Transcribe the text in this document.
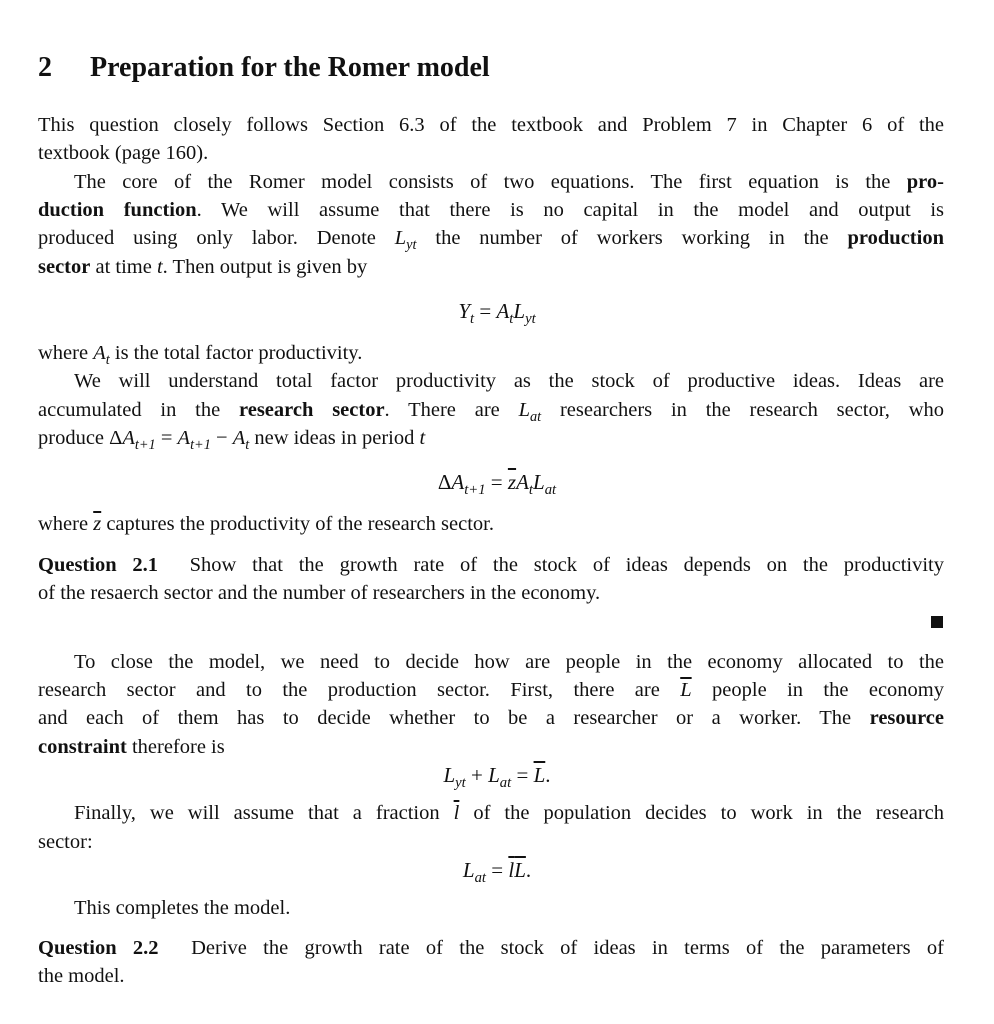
2 Preparation for the Romer model
This question closely follows Section 6.3 of the textbook and Problem 7 in Chapter 6 of the
textbook (page 160).
The core of the Romer model consists of two equations. The first equation is the pro-
duction function. We will assume that there is no capital in the model and output is
produced using only labor. Denote $L_{yt}$ the number of workers working in the production
sector at time t. Then output is given by
$Y_t = A_tL_{yt}$
where $A_t$ is the total factor productivity.
We will understand total factor productivity as the stock of productive ideas. Ideas are
accumulated in the research sector. There are $L_{at}$ researchers in the research sector, who
produce $\Delta A_{t+1} = A_{t+1} - A_t$ new ideas in period t
$\Delta A_{t+1} = \overline{z}A_tL_{at}$
where $\overline{z}$ captures the productivity of the research sector.
Question 2.1 Show that the growth rate of the stock of ideas depends on the productivity
of the resaerch sector and the number of researchers in the economy.
To close the model, we need to decide how are people in the economy allocated to the
research sector and to the production sector. First, there are $\overline{L}$ people in the economy
and each of them has to decide whether to be a researcher or a worker. The resource
constraint therefore is
$L_{yt} + L_{at} = \overline{L}$.
Finally, we will assume that a fraction $\overline{l}$ of the population decides to work in the research
sector:
$L_{at} = \overline{l}\overline{L}$.
This completes the model.
Question 2.2 Derive the growth rate of the stock of ideas in terms of the parameters of
the model.
